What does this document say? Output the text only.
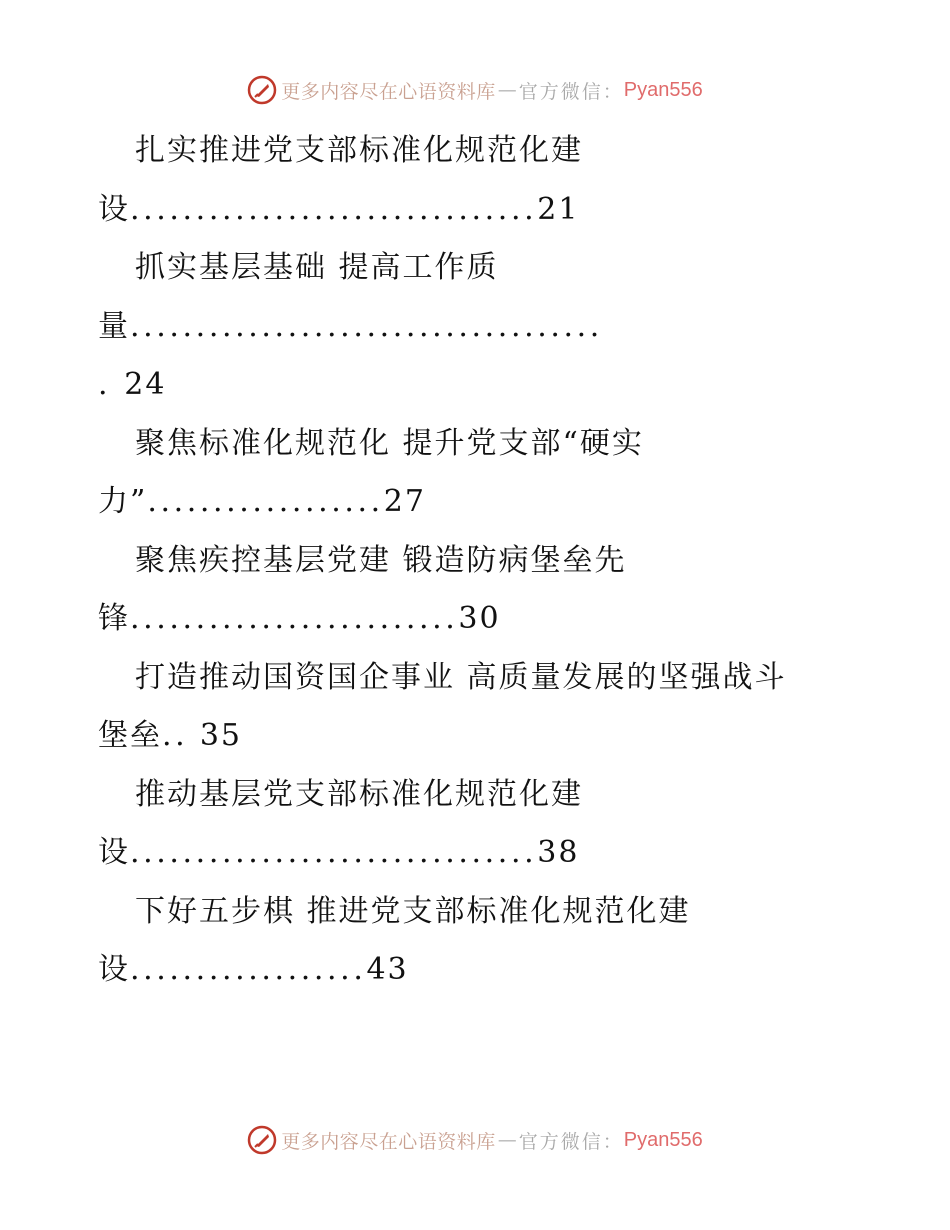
更多内容尽在心语资料库 — 官方微信： Pyan556
扎实推进党支部标准化规范化建
设...............................21
抓实基层基础 提高工作质
量....................................
. 24
聚焦标准化规范化 提升党支部“硬实
力”..................27
聚焦疾控基层党建 锻造防病堡垒先
锋.........................30
打造推动国资国企事业 高质量发展的坚强战斗
堡垒.. 35
推动基层党支部标准化规范化建
设...............................38
下好五步棋 推进党支部标准化规范化建
设..................43
更多内容尽在心语资料库 — 官方微信： Pyan556
